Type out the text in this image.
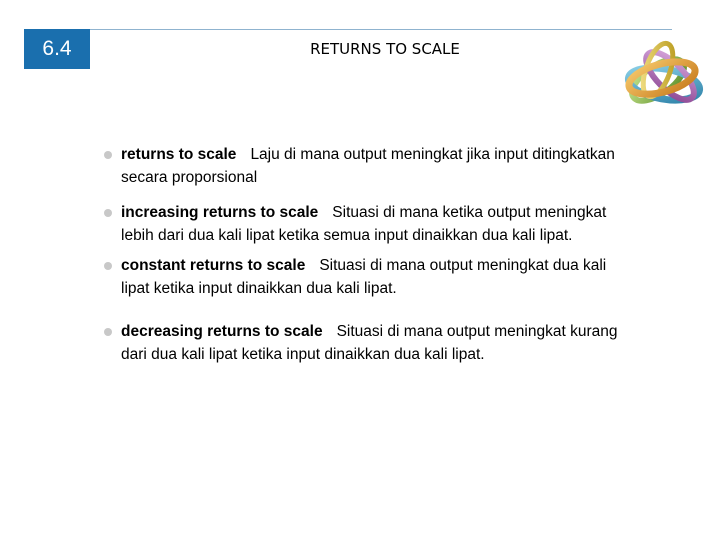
6.4	RETURNS TO SCALE
returns to scale Laju di mana output meningkat jika input ditingkatkan secara proporsional
increasing returns to scale Situasi di mana ketika output meningkat lebih dari dua kali lipat ketika semua input dinaikkan dua kali lipat.
constant returns to scale Situasi di mana output meningkat dua kali lipat ketika input dinaikkan dua kali lipat.
decreasing returns to scale Situasi di mana output meningkat kurang dari dua kali lipat ketika input dinaikkan dua kali lipat.
